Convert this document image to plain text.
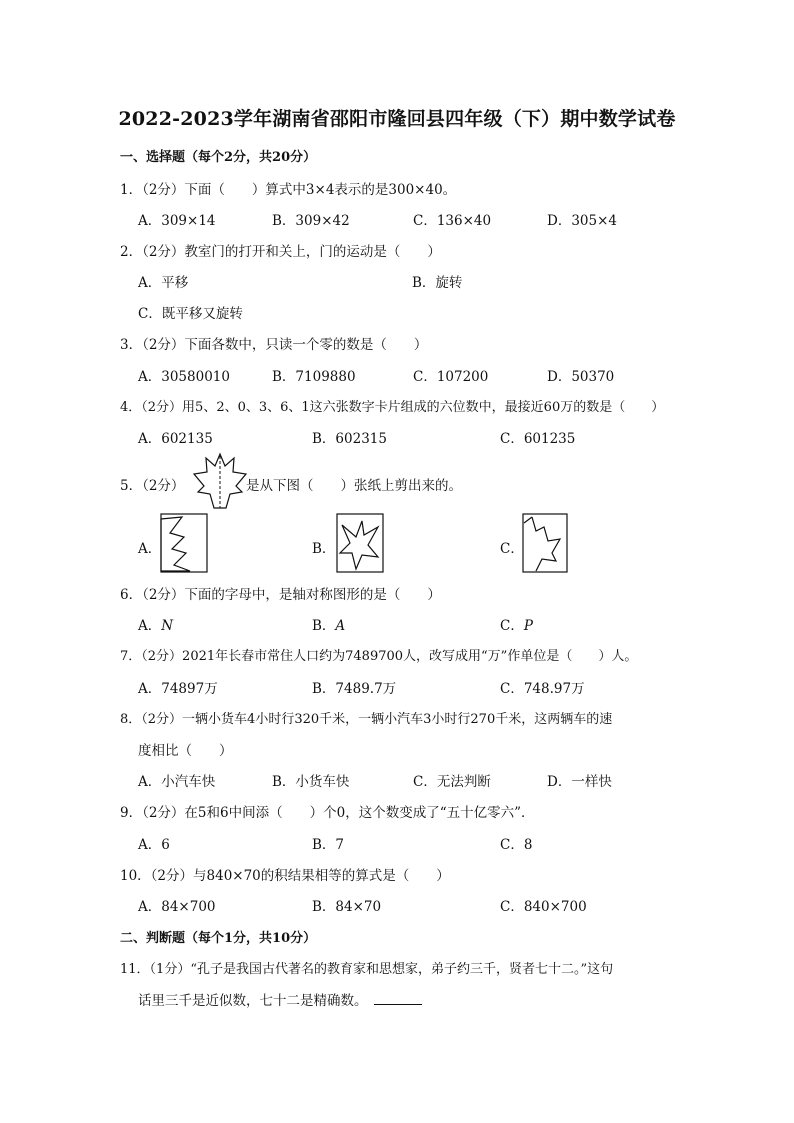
2022-2023学年湖南省邵阳市隆回县四年级（下）期中数学试卷
一、选择题（每个2分，共20分）
1．（2分）下面（　　）算式中3×4表示的是300×40。
A．309×14	B．309×42	C．136×40	D．305×4
2．（2分）教室门的打开和关上，门的运动是（　　）
A．平移	B．旋转
C．既平移又旋转
3．（2分）下面各数中，只读一个零的数是（　　）
A．30580010	B．7109880	C．107200	D．50370
4．（2分）用5、2、0、3、6、1这六张数字卡片组成的六位数中，最接近60万的数是（　　）
A．602135	B．602315	C．601235
5．（2分）	是从下图（　　）张纸上剪出来的。
A．	B．	C．
6．（2分）下面的字母中，是轴对称图形的是（　　）
A．N	B．A	C．P
7．（2分）2021年长春市常住人口约为7489700人，改写成用“万”作单位是（　　）人。
A．74897万	B．7489.7万	C．748.97万
8．（2分）一辆小货车4小时行320千米，一辆小汽车3小时行270千米，这两辆车的速
度相比（　　）
A．小汽车快	B．小货车快	C．无法判断	D．一样快
9．（2分）在5和6中间添（　　）个0，这个数变成了“五十亿零六”．
A．6	B．7	C．8
10．（2分）与840×70的积结果相等的算式是（　　）
A．84×700	B．84×70	C．840×700
二、判断题（每个1分，共10分）
11．（1分）“孔子是我国古代著名的教育家和思想家，弟子约三千，贤者七十二。”这句
话里三千是近似数，七十二是精确数。
